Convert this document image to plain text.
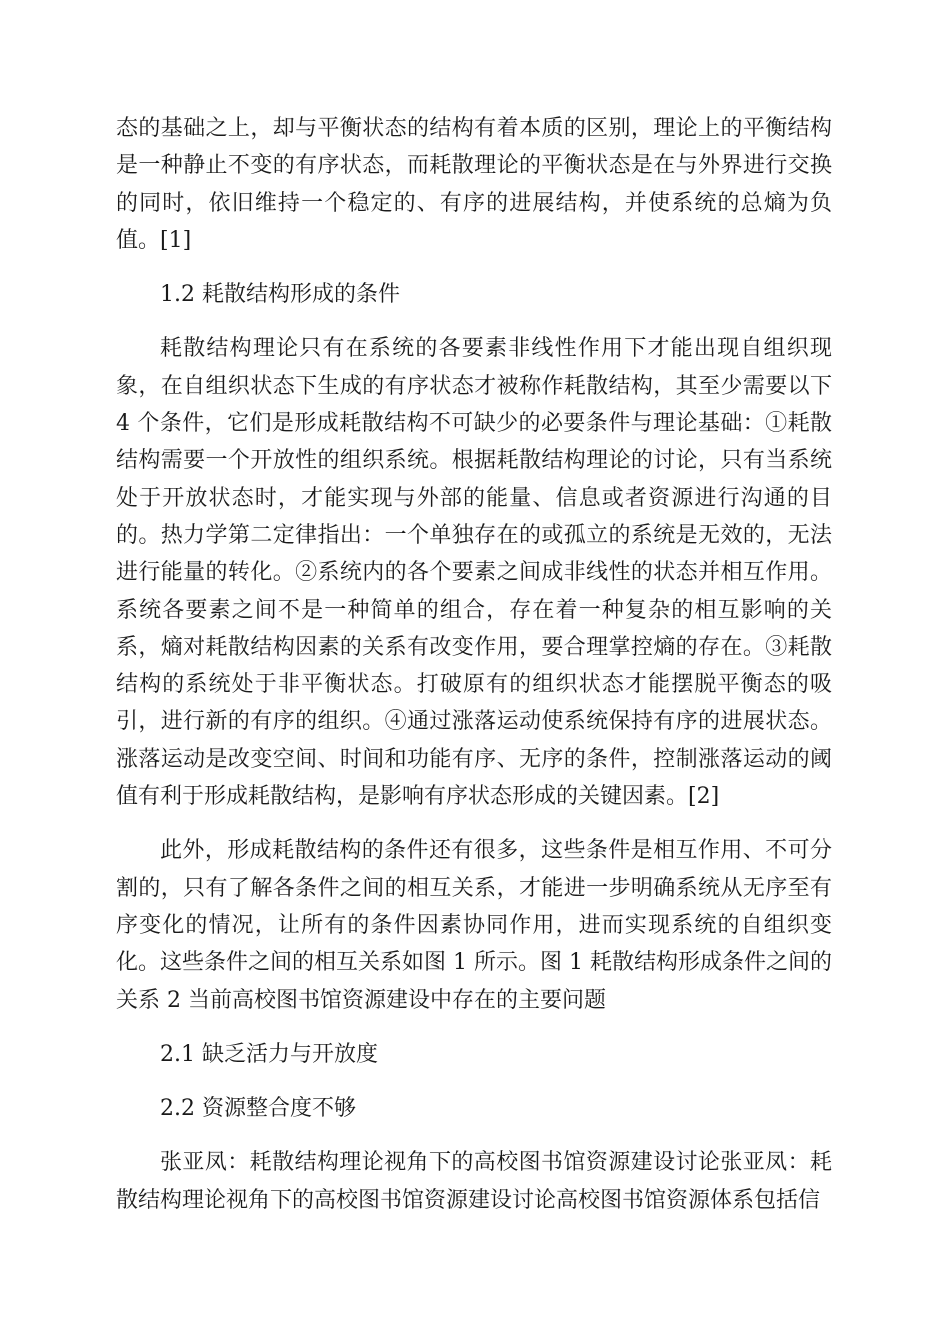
态的基础之上，却与平衡状态的结构有着本质的区别，理论上的平衡结构是一种静止不变的有序状态，而耗散理论的平衡状态是在与外界进行交换的同时，依旧维持一个稳定的、有序的进展结构，并使系统的总熵为负值。[1]

1.2 耗散结构形成的条件

耗散结构理论只有在系统的各要素非线性作用下才能出现自组织现象，在自组织状态下生成的有序状态才被称作耗散结构，其至少需要以下 4 个条件，它们是形成耗散结构不可缺少的必要条件与理论基础：①耗散结构需要一个开放性的组织系统。根据耗散结构理论的讨论，只有当系统处于开放状态时，才能实现与外部的能量、信息或者资源进行沟通的目的。热力学第二定律指出：一个单独存在的或孤立的系统是无效的，无法进行能量的转化。②系统内的各个要素之间成非线性的状态并相互作用。系统各要素之间不是一种简单的组合，存在着一种复杂的相互影响的关系，熵对耗散结构因素的关系有改变作用，要合理掌控熵的存在。③耗散结构的系统处于非平衡状态。打破原有的组织状态才能摆脱平衡态的吸引，进行新的有序的组织。④通过涨落运动使系统保持有序的进展状态。涨落运动是改变空间、时间和功能有序、无序的条件，控制涨落运动的阈值有利于形成耗散结构，是影响有序状态形成的关键因素。[2]

此外，形成耗散结构的条件还有很多，这些条件是相互作用、不可分割的，只有了解各条件之间的相互关系，才能进一步明确系统从无序至有序变化的情况，让所有的条件因素协同作用，进而实现系统的自组织变化。这些条件之间的相互关系如图 1 所示。图 1 耗散结构形成条件之间的关系 2 当前高校图书馆资源建设中存在的主要问题

2.1 缺乏活力与开放度

2.2 资源整合度不够

张亚凤：耗散结构理论视角下的高校图书馆资源建设讨论张亚凤：耗散结构理论视角下的高校图书馆资源建设讨论高校图书馆资源体系包括信
